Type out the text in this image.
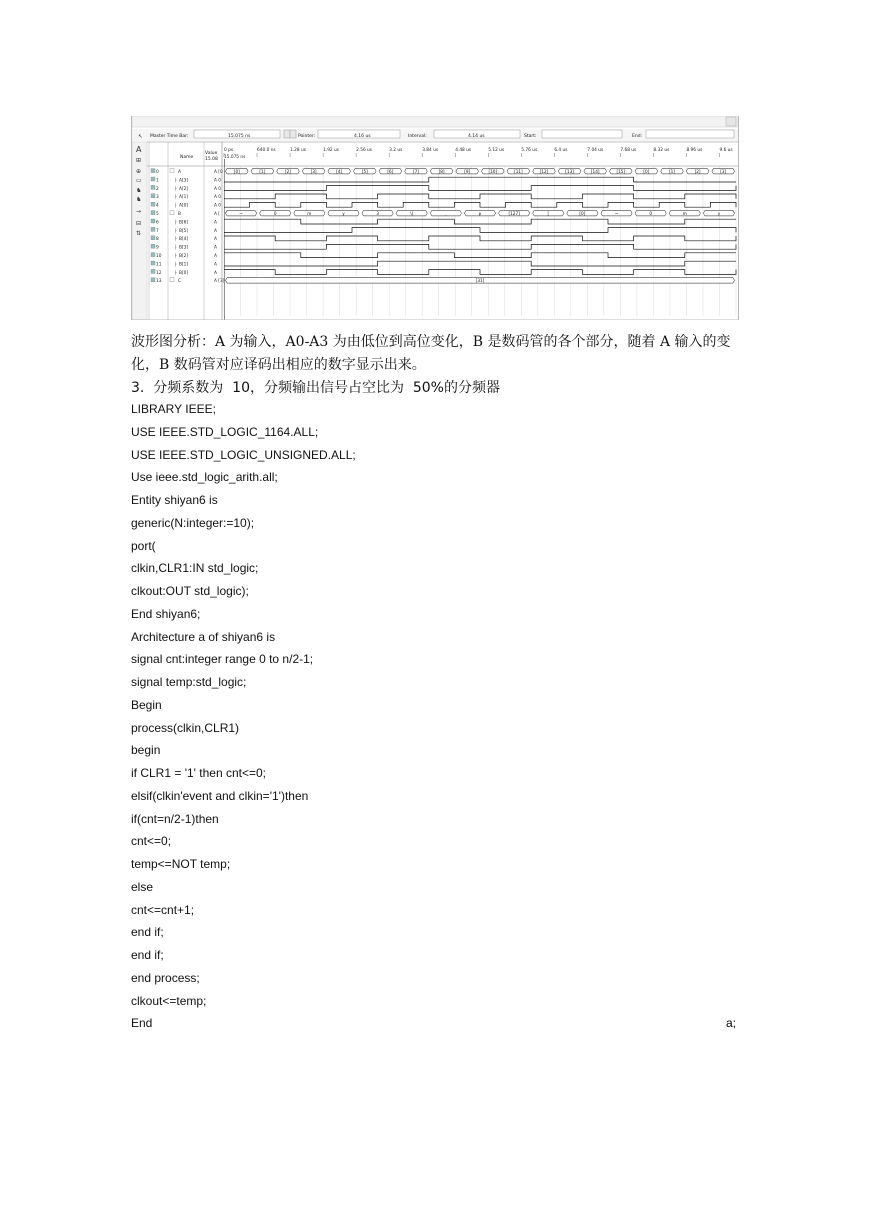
↖ Master Time Bar:	15.075 ns	Pointer:	4.16 us	Interval:	4.14 us	Start:	End:
A
⊞
⊕
▭
♞
♞
→
⊟
⇅
Name
Value
15.08
0 ps	640.0 ns	1.28 us	1.92 us	2.56 us	3.2 us	3.84 us	4.48 us	5.12 us	5.76 us	6.4 us	7.04 us	7.68 us	8.32 us	8.96 us	9.6 us
15.075 ns
0	A	A [0
1	├ A[3]	A 0
2	├ A[2]	A 0
3	├ A[1]	A 0
4	├ A[0]	A 0
5	B	A [
6	├ B[6]	A
7	├ B[5]	A
8	├ B[4]	A
9	├ B[3]	A
10	├ B[2]	A
11	├ B[1]	A
12	├ B[0]	A
13	C	A [3]
[0]	[1]	[2]	[3]	[4]	[5]	[6]	[7]	[8]	[9]	[10]	[11]	[12]	[13]	[14]	[15]	[0]	[1]	[2]	[3]
~	0	m	y	3	\(	_	p	[127]	[	[0]	~	0	m	y
[31]
波形图分析：A 为输入，A0-A3 为由低位到高位变化，B 是数码管的各个部分，随着 A 输入的变化，B 数码管对应译码出相应的数字显示出来。
3.  分频系数为  10，分频输出信号占空比为  50%的分频器
LIBRARY IEEE;
USE IEEE.STD_LOGIC_1164.ALL;
USE IEEE.STD_LOGIC_UNSIGNED.ALL;
Use ieee.std_logic_arith.all;
Entity shiyan6 is
generic(N:integer:=10);
port(
clkin,CLR1:IN std_logic;
clkout:OUT std_logic);
End shiyan6;
Architecture a of shiyan6 is
signal cnt:integer range 0 to n/2-1;
signal temp:std_logic;
Begin
process(clkin,CLR1)
begin
if CLR1 = '1' then cnt<=0;
elsif(clkin'event and clkin='1')then
if(cnt=n/2-1)then
cnt<=0;
temp<=NOT temp;
else
cnt<=cnt+1;
end if;
end if;
end process;
clkout<=temp;
End	a;
